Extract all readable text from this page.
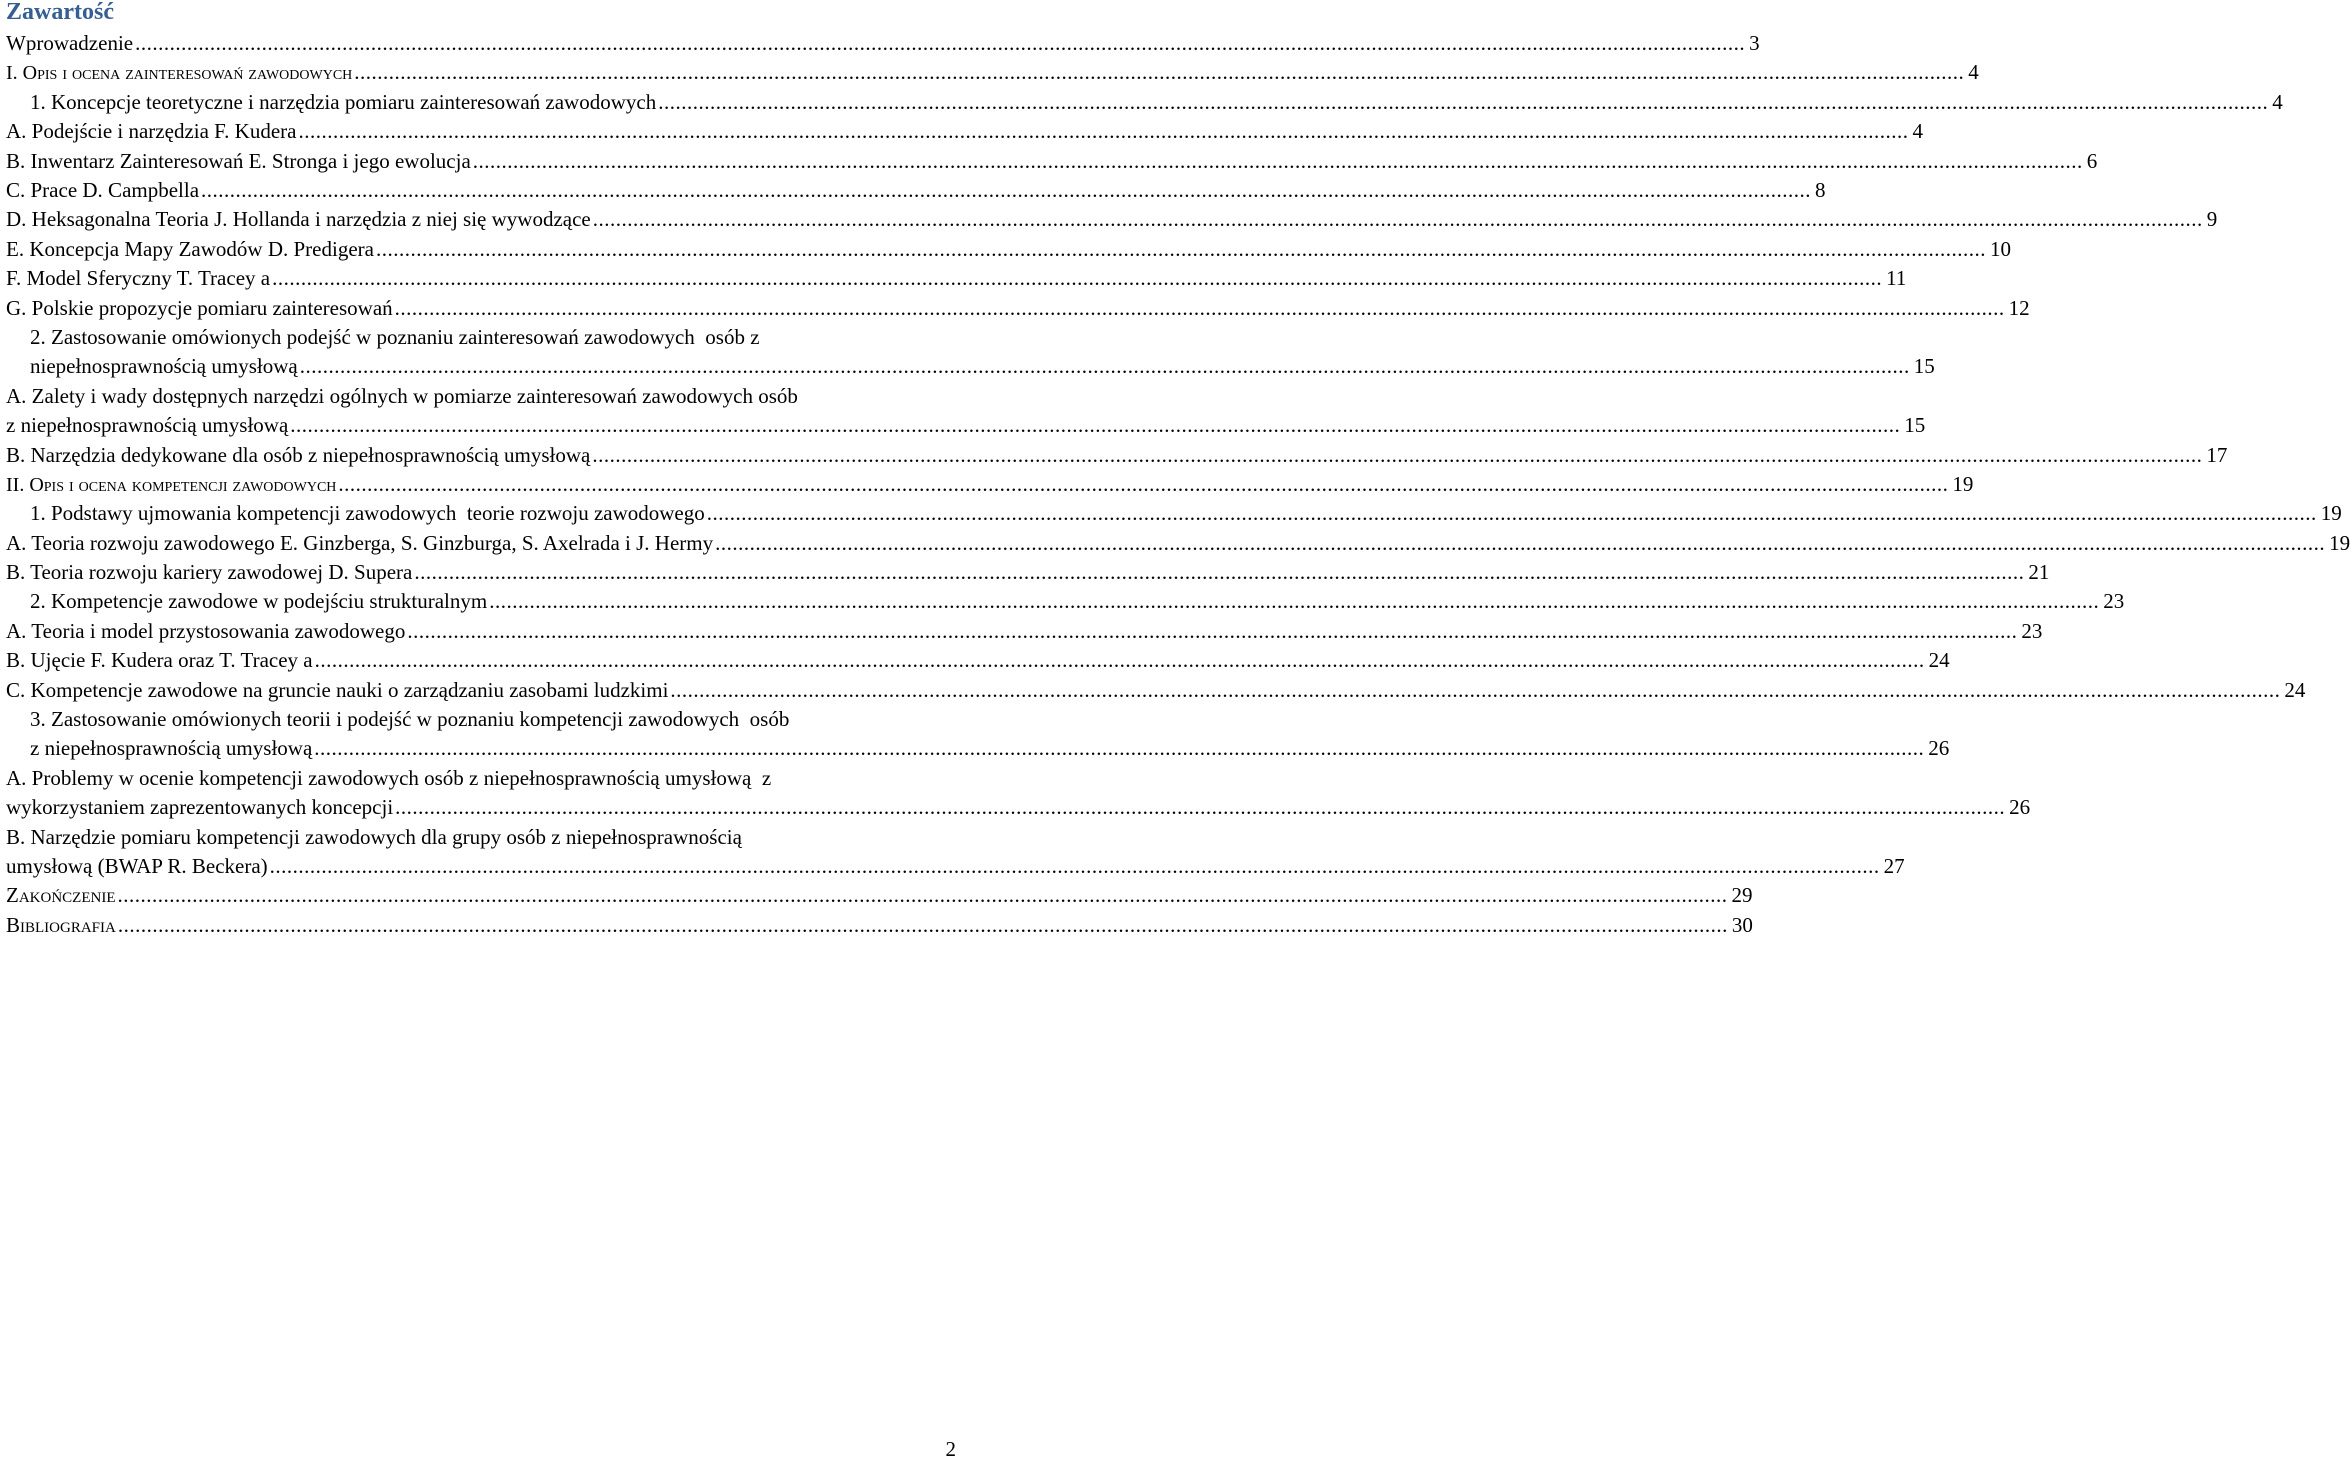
Zawartość
Wprowadzenie .....	3
I. Opis i ocena zainteresowań zawodowych .....	4
1. Koncepcje teoretyczne i narzędzia pomiaru zainteresowań zawodowych .....	4
A. Podejście i narzędzia F. Kudera .....	4
B. Inwentarz Zainteresowań E. Stronga i jego ewolucja .....	6
C. Prace D. Campbella .....	8
D. Heksagonalna Teoria J. Hollanda i narzędzia z niej się wywodzące .....	9
E. Koncepcja Mapy Zawodów D. Predigera .....	10
F. Model Sferyczny T. Tracey a .....	11
G. Polskie propozycje pomiaru zainteresowań .....	12
2. Zastosowanie omówionych podejść w poznaniu zainteresowań zawodowych  osób z
niepełnosprawnością umysłową .....	15
A. Zalety i wady dostępnych narzędzi ogólnych w pomiarze zainteresowań zawodowych osób
z niepełnosprawnością umysłową .....	15
B. Narzędzia dedykowane dla osób z niepełnosprawnością umysłową .....	17
II. Opis i ocena kompetencji zawodowych .....	19
1. Podstawy ujmowania kompetencji zawodowych  teorie rozwoju zawodowego .....	19
A. Teoria rozwoju zawodowego E. Ginzberga, S. Ginzburga, S. Axelrada i J. Hermy .....	19
B. Teoria rozwoju kariery zawodowej D. Supera .....	21
2. Kompetencje zawodowe w podejściu strukturalnym .....	23
A. Teoria i model przystosowania zawodowego .....	23
B. Ujęcie F. Kudera oraz T. Tracey a .....	24
C. Kompetencje zawodowe na gruncie nauki o zarządzaniu zasobami ludzkimi .....	24
3. Zastosowanie omówionych teorii i podejść w poznaniu kompetencji zawodowych  osób
z niepełnosprawnością umysłową .....	26
A. Problemy w ocenie kompetencji zawodowych osób z niepełnosprawnością umysłową  z
wykorzystaniem zaprezentowanych koncepcji .....	26
B. Narzędzie pomiaru kompetencji zawodowych dla grupy osób z niepełnosprawnością
umysłową (BWAP R. Beckera) .....	27
Zakończenie .....	29
Bibliografia .....	30
2
